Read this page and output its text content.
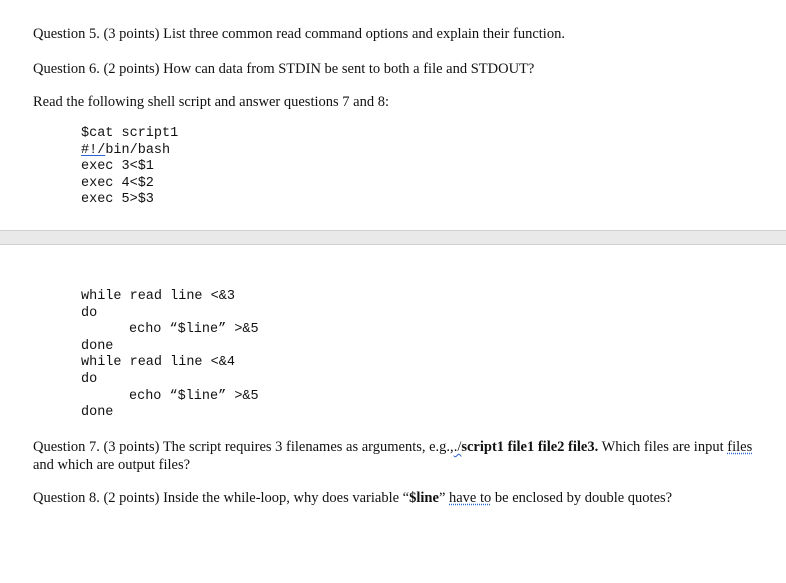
Question 5. (3 points) List three common read command options and explain their function.
Question 6. (2 points) How can data from STDIN be sent to both a file and STDOUT?
Read the following shell script and answer questions 7 and 8:
$cat script1
#!/bin/bash
exec 3<$1
exec 4<$2
exec 5>$3
while read line <&3
do
echo “$line” >&5
done
while read line <&4
do
echo “$line” >&5
done
Question 7. (3 points) The script requires 3 filenames as arguments, e.g.,./script1 file1 file2 file3. Which files are input files and which are output files?
Question 8. (2 points) Inside the while-loop, why does variable “$line” have to be enclosed by double quotes?
